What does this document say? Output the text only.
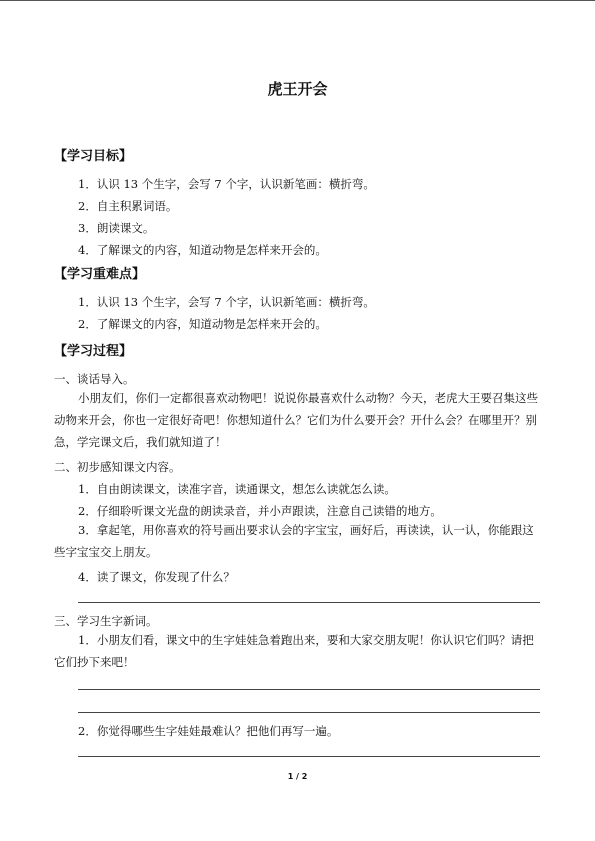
虎王开会
【学习目标】
1．认识 13 个生字，会写 7 个字，认识新笔画：横折弯。
2．自主积累词语。
3．朗读课文。
4．了解课文的内容，知道动物是怎样来开会的。
【学习重难点】
1．认识 13 个生字，会写 7 个字，认识新笔画：横折弯。
2．了解课文的内容，知道动物是怎样来开会的。
【学习过程】
一、谈话导入。
小朋友们，你们一定都很喜欢动物吧！说说你最喜欢什么动物？今天，老虎大王要召集这些动物来开会，你也一定很好奇吧！你想知道什么？它们为什么要开会？开什么会？在哪里开？别急，学完课文后，我们就知道了！
二、初步感知课文内容。
1．自由朗读课文，读准字音，读通课文，想怎么读就怎么读。
2．仔细聆听课文光盘的朗读录音，并小声跟读，注意自己读错的地方。
3．拿起笔，用你喜欢的符号画出要求认会的字宝宝，画好后，再读读，认一认，你能跟这些字宝宝交上朋友。
4．读了课文，你发现了什么？
三、学习生字新词。
1．小朋友们看，课文中的生字娃娃急着跑出来，要和大家交朋友呢！你认识它们吗？请把它们抄下来吧！
2．你觉得哪些生字娃娃最难认？把他们再写一遍。
1 / 2
